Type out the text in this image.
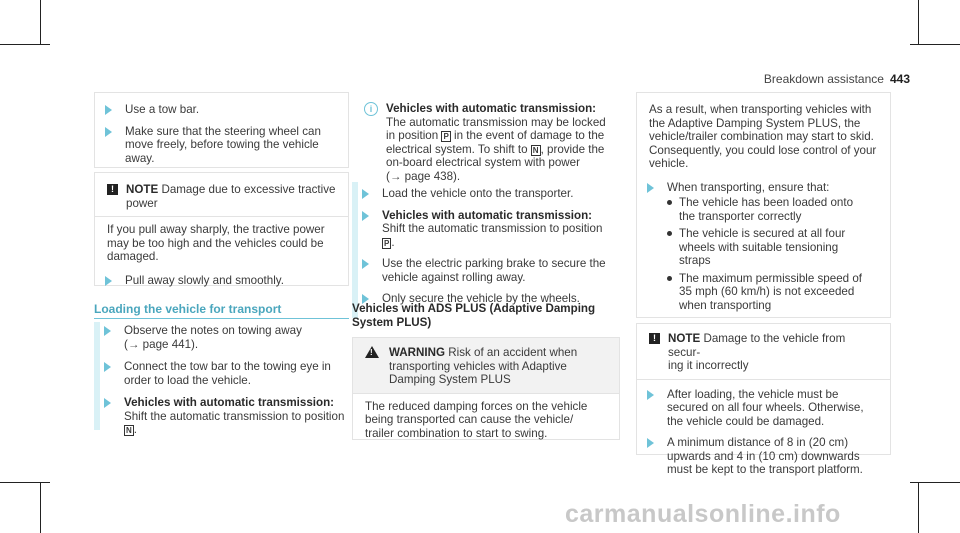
Breakdown assistance 443
Use a tow bar.
Make sure that the steering wheel can move freely, before towing the vehicle away.
!	NOTE Damage due to excessive tractive power
If you pull away sharply, the tractive power may be too high and the vehicles could be damaged.
Pull away slowly and smoothly.
Loading the vehicle for transport
Observe the notes on towing away
(→ page 441).
Connect the tow bar to the towing eye in
order to load the vehicle.
Vehicles with automatic transmission:
Shift the automatic transmission to position
N .
i	Vehicles with automatic transmission:
The automatic transmission may be locked
in position P in the event of damage to the
electrical system. To shift to N , provide the
on-board electrical system with power
(→ page 438).
Load the vehicle onto the transporter.
Vehicles with automatic transmission:
Shift the automatic transmission to position
P .
Use the electric parking brake to secure the
vehicle against rolling away.
Only secure the vehicle by the wheels.
Vehicles with ADS PLUS (Adaptive Damping
System PLUS)
! WARNING Risk of an accident when
transporting vehicles with Adaptive
Damping System PLUS
The reduced damping forces on the vehicle
being transported can cause the vehicle/
trailer combination to start to swing.
As a result, when transporting vehicles with
the Adaptive Damping System PLUS, the
vehicle/trailer combination may start to skid.
Consequently, you could lose control of your
vehicle.
When transporting, ensure that:
The vehicle has been loaded onto
the transporter correctly
The vehicle is secured at all four
wheels with suitable tensioning
straps
The maximum permissible speed of
35 mph (60 km/h) is not exceeded
when transporting
!	NOTE Damage to the vehicle from secur-
ing it incorrectly
After loading, the vehicle must be
secured on all four wheels. Otherwise,
the vehicle could be damaged.
A minimum distance of 8 in (20 cm)
upwards and 4 in (10 cm) downwards
must be kept to the transport platform.
carmanualsonline.info
